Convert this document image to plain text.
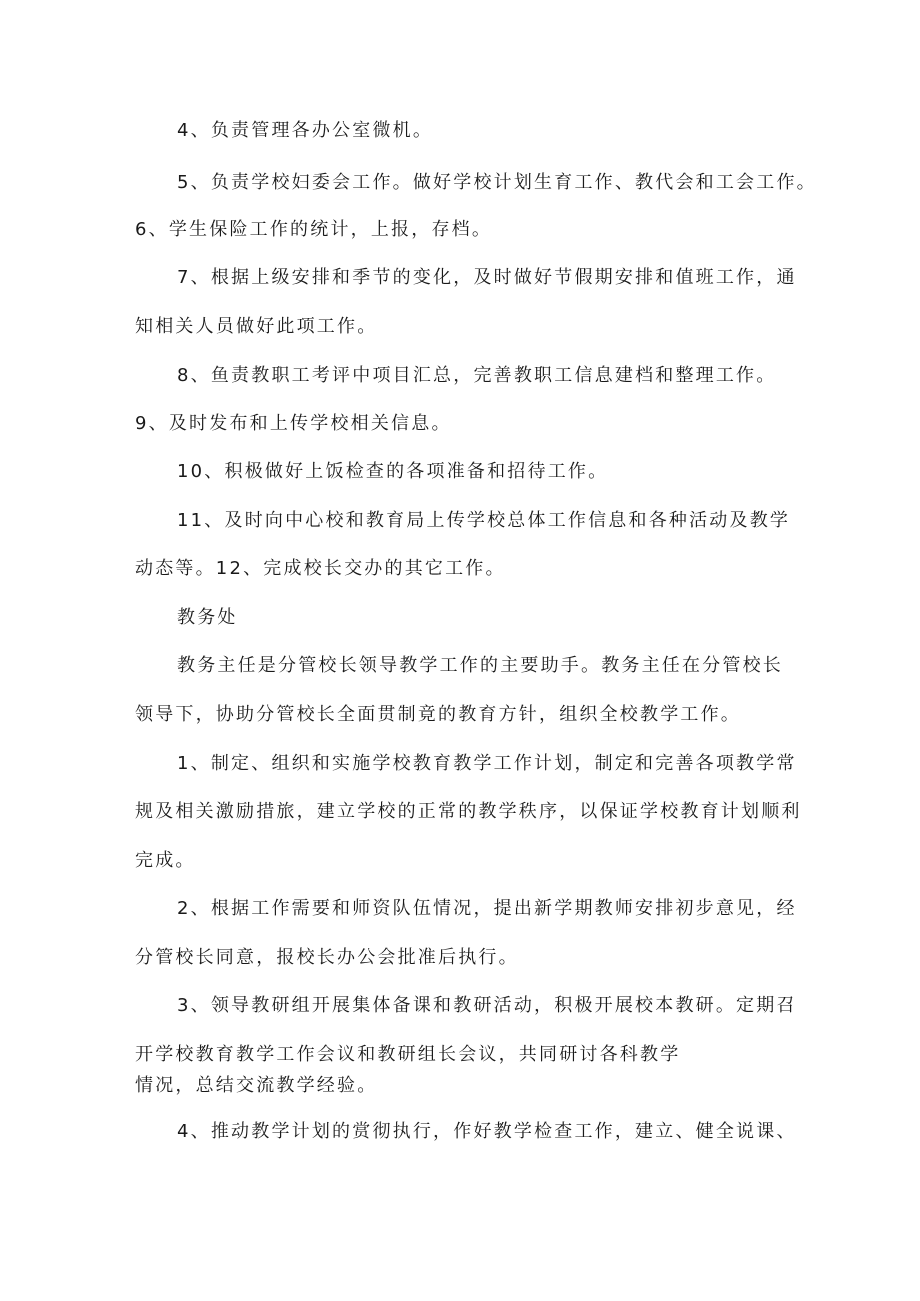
4、负责管理各办公室微机。
5、负责学校妇委会工作。做好学校计划生育工作、教代会和工会工作。
6、学生保险工作的统计，上报，存档。
7、根据上级安排和季节的变化，及时做好节假期安排和值班工作，通
知相关人员做好此项工作。
8、鱼责教职工考评中项目汇总，完善教职工信息建档和整理工作。
9、及时发布和上传学校相关信息。
10、积极做好上饭检查的各项准备和招待工作。
11、及时向中心校和教育局上传学校总体工作信息和各种活动及教学
动态等。12、完成校长交办的其它工作。
教务处
教务主任是分管校长领导教学工作的主要助手。教务主任在分管校长
领导下，协助分管校长全面贯制竟的教育方针，组织全校教学工作。
1、制定、组织和实施学校教育教学工作计划，制定和完善各项教学常
规及相关激励措旅，建立学校的正常的教学秩序，以保证学校教育计划顺利
完成。
2、根据工作需要和师资队伍情况，提出新学期教师安排初步意见，经
分管校长同意，报校长办公会批准后执行。
3、领导教研组开展集体备课和教研活动，积极开展校本教研。定期召
开学校教育教学工作会议和教研组长会议，共同研讨各科教学
情况，总结交流教学经验。
4、推动教学计划的赏彻执行，作好教学检查工作，建立、健全说课、
